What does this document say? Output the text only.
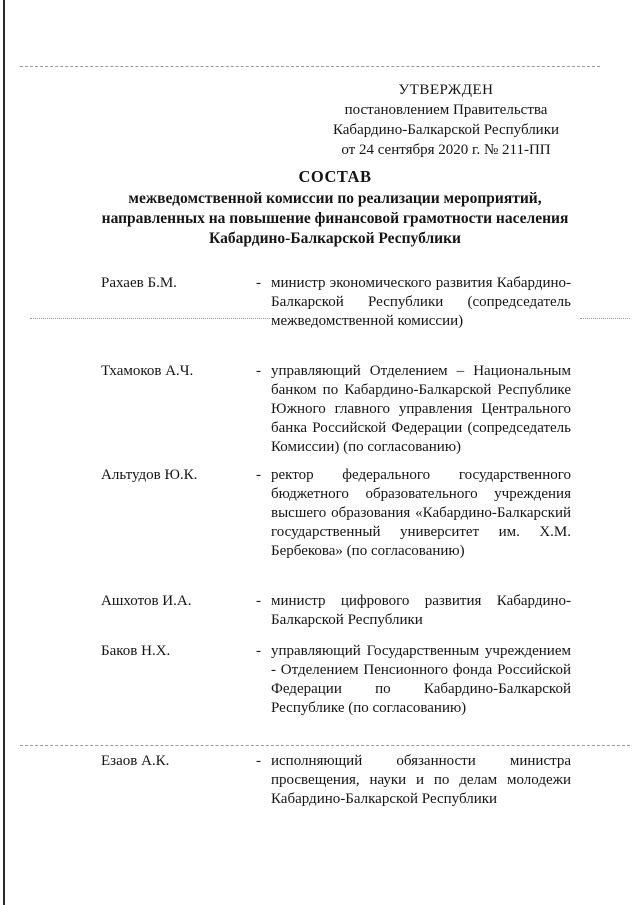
УТВЕРЖДЕН
постановлением Правительства
Кабардино-Балкарской Республики
от 24 сентября 2020 г. № 211-ПП
СОСТАВ
межведомственной комиссии по реализации мероприятий,
направленных на повышение финансовой грамотности населения
Кабардино-Балкарской Республики
Рахаев Б.М.	- министр экономического развития Кабардино-Балкарской Республики (сопредседатель межведомственной комиссии)
Тхамоков А.Ч.	- управляющий Отделением – Национальным банком по Кабардино-Балкарской Республике Южного главного управления Центрального банка Российской Федерации (сопредседатель Комиссии) (по согласованию)
Альтудов Ю.К.	- ректор федерального государственного бюджетного образовательного учреждения высшего образования «Кабардино-Балкарский государственный университет им. Х.М. Бербекова» (по согласованию)
Ашхотов И.А.	- министр цифрового развития Кабардино-Балкарской Республики
Баков Н.Х.	- управляющий Государственным учреждением - Отделением Пенсионного фонда Российской Федерации по Кабардино-Балкарской Республике (по согласованию)
Езаов А.К.	- исполняющий обязанности министра просвещения, науки и по делам молодежи Кабардино-Балкарской Республики
